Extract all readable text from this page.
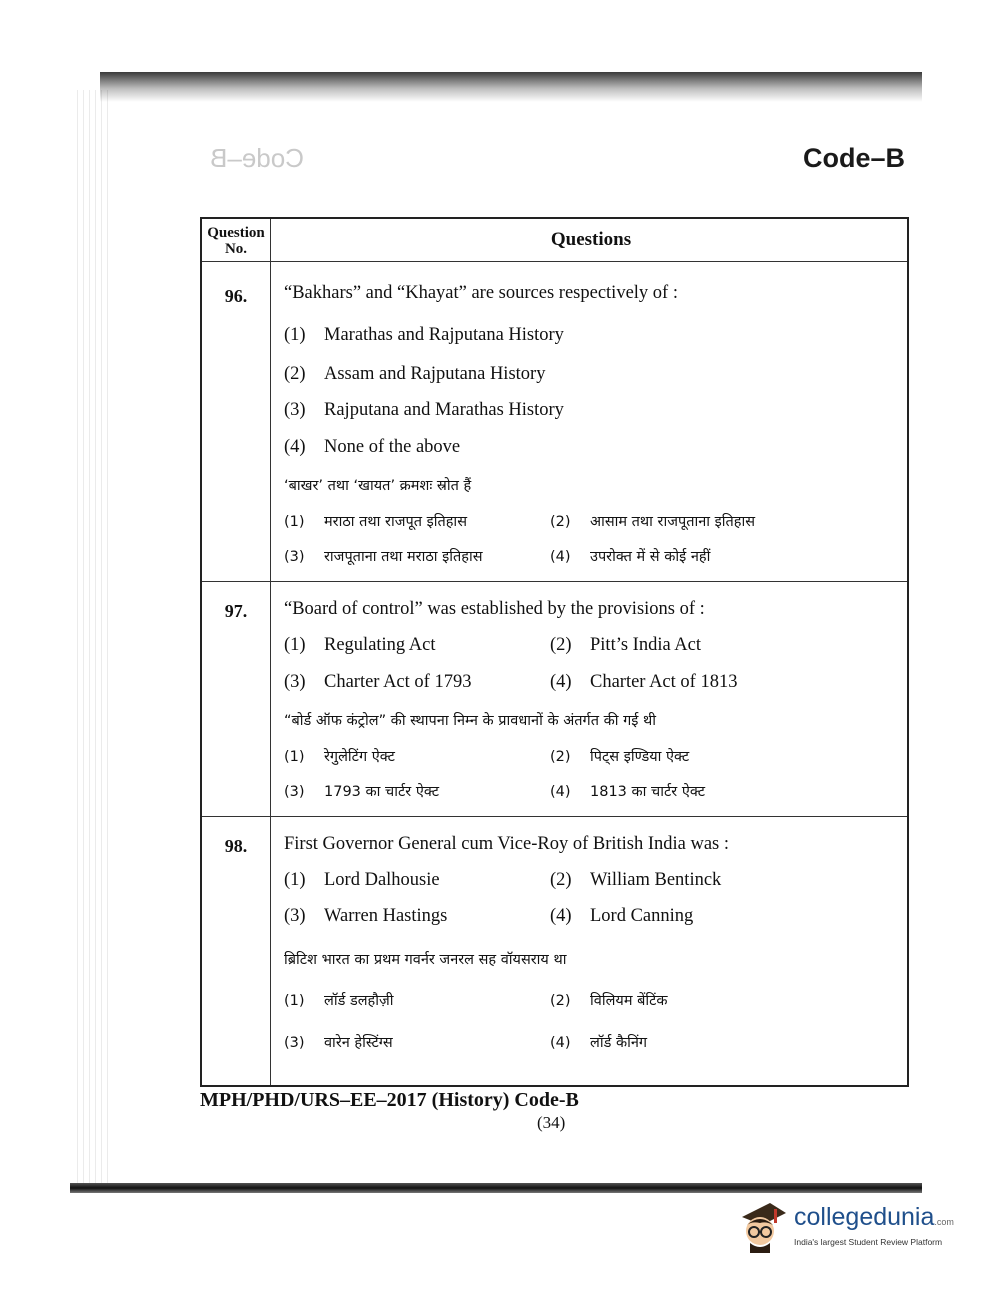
Code–B	Code–B
Question No.	Questions
96.	“Bakhars” and “Khayat” are sources respectively of :
(1) Marathas and Rajputana History
(2) Assam and Rajputana History
(3) Rajputana and Marathas History
(4) None of the above
‘बाखर’ तथा ‘खायत’ क्रमशः स्रोत हैं
(1) मराठा तथा राजपूत इतिहास	(2) आसाम तथा राजपूताना इतिहास
(3) राजपूताना तथा मराठा इतिहास	(4) उपरोक्त में से कोई नहीं
97.	“Board of control” was established by the provisions of :
(1) Regulating Act	(2) Pitt’s India Act
(3) Charter Act of 1793	(4) Charter Act of 1813
“बोर्ड ऑफ कंट्रोल” की स्थापना निम्न के प्रावधानों के अंतर्गत की गई थी
(1) रेगुलेटिंग ऐक्ट	(2) पिट्स इण्डिया ऐक्ट
(3) 1793 का चार्टर ऐक्ट	(4) 1813 का चार्टर ऐक्ट
98.	First Governor General cum Vice-Roy of British India was :
(1) Lord Dalhousie	(2) William Bentinck
(3) Warren Hastings	(4) Lord Canning
ब्रिटिश भारत का प्रथम गवर्नर जनरल सह वॉयसराय था
(1) लॉर्ड डलहौज़ी	(2) विलियम बेंटिंक
(3) वारेन हेस्टिंग्स	(4) लॉर्ड कैनिंग
MPH/PHD/URS–EE–2017 (History) Code-B
(34)
collegedunia.com
India's largest Student Review Platform
